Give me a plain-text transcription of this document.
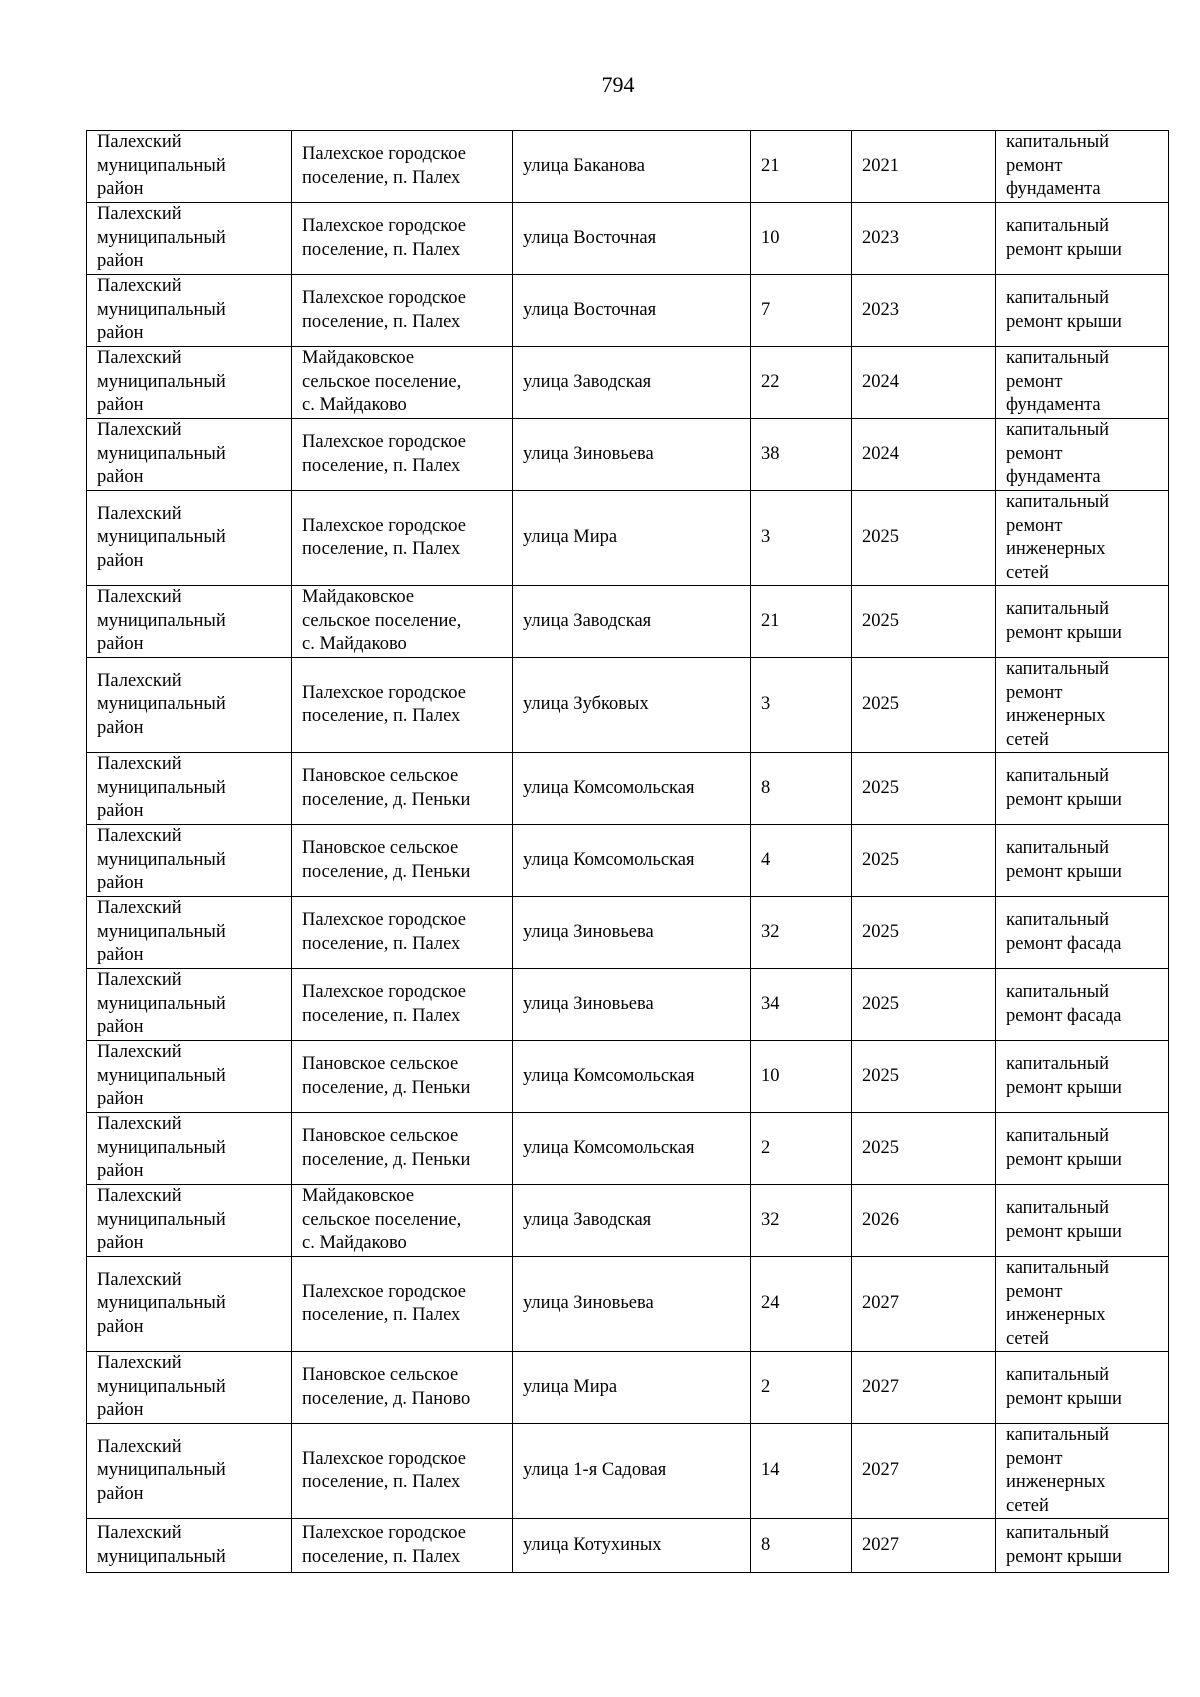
794
Палехский
муниципальный
район	Палехское городское
поселение, п. Палех	улица Баканова	21	2021	капитальный
ремонт
фундамента

Палехский
муниципальный
район	Палехское городское
поселение, п. Палех	улица Восточная	10	2023	капитальный
ремонт крыши

Палехский
муниципальный
район	Палехское городское
поселение, п. Палех	улица Восточная	7	2023	капитальный
ремонт крыши

Палехский
муниципальный
район	Майдаковское
сельское поселение,
с. Майдаково	улица Заводская	22	2024	капитальный
ремонт
фундамента

Палехский
муниципальный
район	Палехское городское
поселение, п. Палех	улица Зиновьева	38	2024	капитальный
ремонт
фундамента

Палехский
муниципальный
район	Палехское городское
поселение, п. Палех	улица Мира	3	2025	капитальный
ремонт
инженерных
сетей

Палехский
муниципальный
район	Майдаковское
сельское поселение,
с. Майдаково	улица Заводская	21	2025	капитальный
ремонт крыши

Палехский
муниципальный
район	Палехское городское
поселение, п. Палех	улица Зубковых	3	2025	капитальный
ремонт
инженерных
сетей

Палехский
муниципальный
район	Пановское сельское
поселение, д. Пеньки	улица Комсомольская	8	2025	капитальный
ремонт крыши

Палехский
муниципальный
район	Пановское сельское
поселение, д. Пеньки	улица Комсомольская	4	2025	капитальный
ремонт крыши

Палехский
муниципальный
район	Палехское городское
поселение, п. Палех	улица Зиновьева	32	2025	капитальный
ремонт фасада

Палехский
муниципальный
район	Палехское городское
поселение, п. Палех	улица Зиновьева	34	2025	капитальный
ремонт фасада

Палехский
муниципальный
район	Пановское сельское
поселение, д. Пеньки	улица Комсомольская	10	2025	капитальный
ремонт крыши

Палехский
муниципальный
район	Пановское сельское
поселение, д. Пеньки	улица Комсомольская	2	2025	капитальный
ремонт крыши

Палехский
муниципальный
район	Майдаковское
сельское поселение,
с. Майдаково	улица Заводская	32	2026	капитальный
ремонт крыши

Палехский
муниципальный
район	Палехское городское
поселение, п. Палех	улица Зиновьева	24	2027	капитальный
ремонт
инженерных
сетей

Палехский
муниципальный
район	Пановское сельское
поселение, д. Паново	улица Мира	2	2027	капитальный
ремонт крыши

Палехский
муниципальный
район	Палехское городское
поселение, п. Палех	улица 1-я Садовая	14	2027	капитальный
ремонт
инженерных
сетей

Палехский
муниципальный	Палехское городское
поселение, п. Палех	улица Котухиных	8	2027	капитальный
ремонт крыши
